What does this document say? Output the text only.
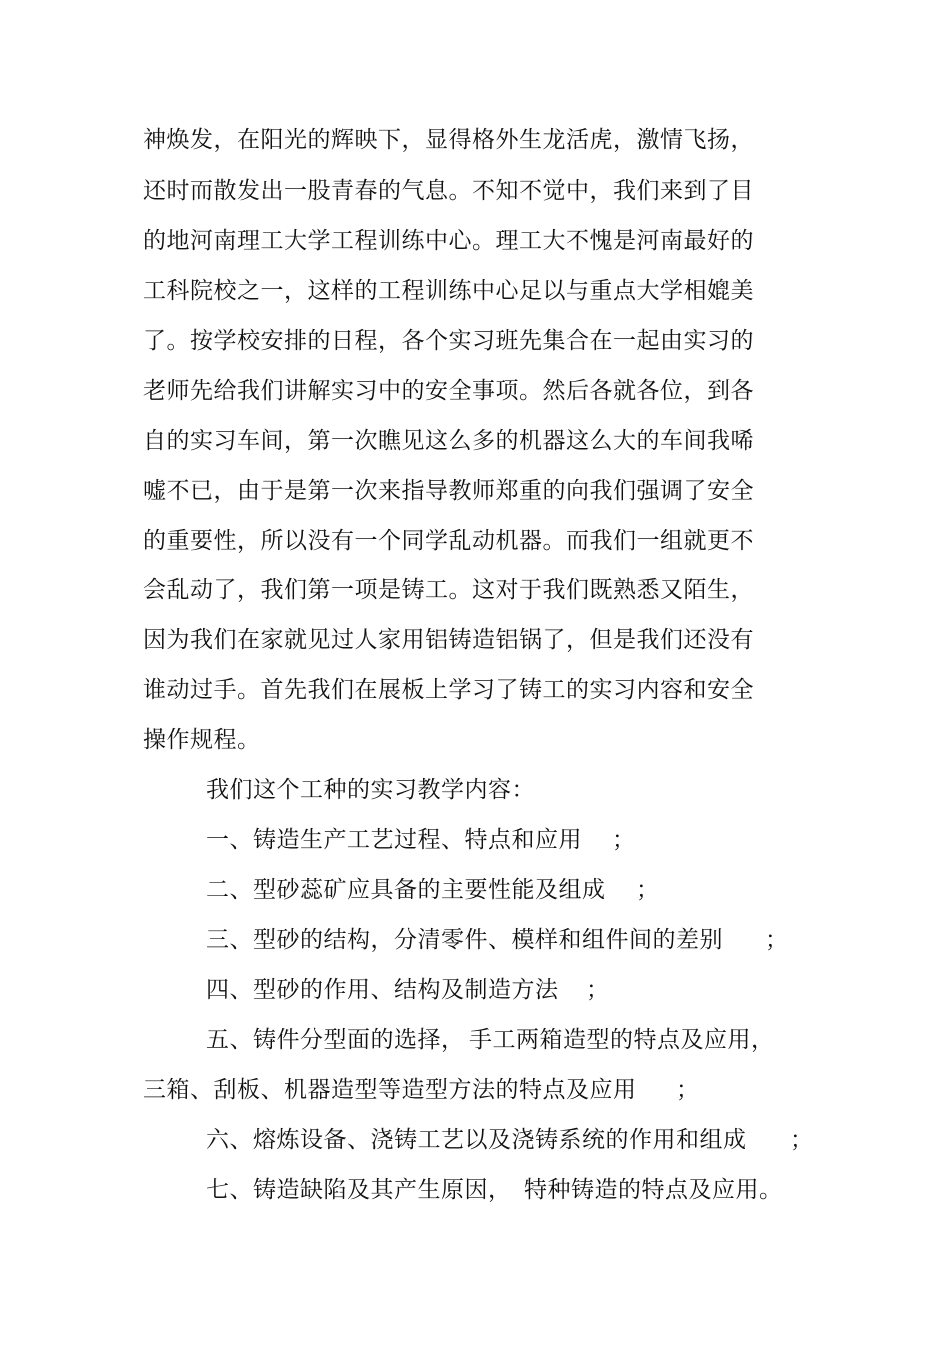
神焕发，在阳光的辉映下，显得格外生龙活虎，激情飞扬，
还时而散发出一股青春的气息。不知不觉中，我们来到了目
的地河南理工大学工程训练中心。理工大不愧是河南最好的
工科院校之一，这样的工程训练中心足以与重点大学相媲美
了。按学校安排的日程，各个实习班先集合在一起由实习的
老师先给我们讲解实习中的安全事项。然后各就各位，到各
自的实习车间，第一次瞧见这么多的机器这么大的车间我唏
嘘不已，由于是第一次来指导教师郑重的向我们强调了安全
的重要性，所以没有一个同学乱动机器。而我们一组就更不
会乱动了，我们第一项是铸工。这对于我们既熟悉又陌生，
因为我们在家就见过人家用铝铸造铝锅了，但是我们还没有
谁动过手。首先我们在展板上学习了铸工的实习内容和安全
操作规程。
我们这个工种的实习教学内容：

一、铸造生产工艺过程、特点和应用

；

二、型砂蕊矿应具备的主要性能及组成

；

三、型砂的结构，分清零件、模样和组件间的差别

；

四、型砂的作用、结构及制造方法

；

五、铸件分型面的选择，

手工两箱造型的特点及应用，

三箱、刮板、机器造型等造型方法的特点及应用

；

六、熔炼设备、浇铸工艺以及浇铸系统的作用和组成

；

七、铸造缺陷及其产生原因，

特种铸造的特点及应用。
